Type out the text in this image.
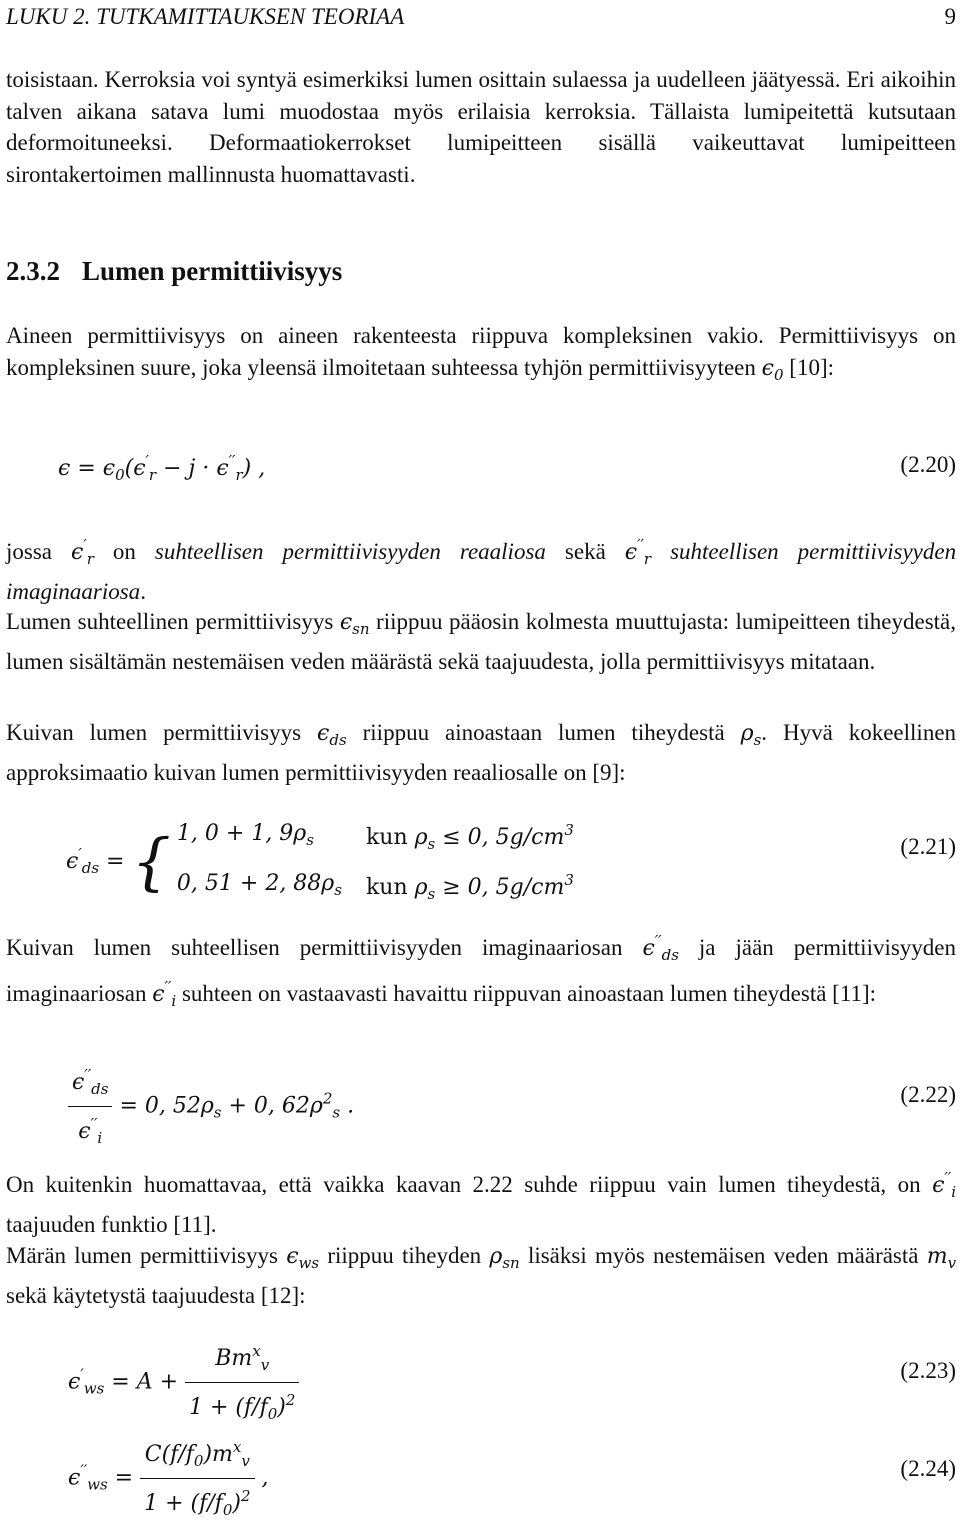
LUKU 2. TUTKAMITTAUKSEN TEORIAA	9
toisistaan. Kerroksia voi syntyä esimerkiksi lumen osittain sulaessa ja uudelleen jäätyessä. Eri aikoihin talven aikana satava lumi muodostaa myös erilaisia kerroksia. Tällaista lumipeitettä kutsutaan deformoituneeksi. Deformaatiokerrokset lumipeitteen sisällä vaikeuttavat lumipeitteen sirontakertoimen mallinnusta huomattavasti.
2.3.2 Lumen permittiivisyys
Aineen permittiivisyys on aineen rakenteesta riippuva kompleksinen vakio. Permittiivisyys on kompleksinen suure, joka yleensä ilmoitetaan suhteessa tyhjön permittiivisyyteen $\epsilon_0$ [10]:
$\epsilon = \epsilon_0(\epsilon'_r - j \cdot \epsilon''_r)$ ,	(2.20)
jossa $\epsilon'_r$ on suhteellisen permittiivisyyden reaaliosa sekä $\epsilon''_r$ suhteellisen permittiivisyyden imaginaariosa.
Lumen suhteellinen permittiivisyys $\epsilon_{sn}$ riippuu pääosin kolmesta muuttujasta: lumipeitteen tiheydestä, lumen sisältämän nestemäisen veden määrästä sekä taajuudesta, jolla permittiivisyys mitataan.
Kuivan lumen permittiivisyys $\epsilon_{ds}$ riippuu ainoastaan lumen tiheydestä $\rho_s$. Hyvä kokeellinen approksimaatio kuivan lumen permittiivisyyden reaaliosalle on [9]:
$\epsilon'_{ds}$ = { 1, 0 + 1, $9\rho_s$	kun $\rho_s \le 0$, $5g/cm^3$
0, 51 + 2, $88\rho_s$	kun $\rho_s \ge 0$, $5g/cm^3$
(2.21)
Kuivan lumen suhteellisen permittiivisyyden imaginaariosan $\epsilon''_{ds}$ ja jään permittiivisyyden imaginaariosan $\epsilon''_i$ suhteen on vastaavasti havaittu riippuvan ainoastaan lumen tiheydestä [11]:
$\frac{\epsilon''_{ds}}{\epsilon''_i} = 0$, $52\rho_s + 0$, $62\rho^2_s$ .	(2.22)
On kuitenkin huomattavaa, että vaikka kaavan 2.22 suhde riippuu vain lumen tiheydestä, on $\epsilon''_i$ taajuuden funktio [11].
Märän lumen permittiivisyys $\epsilon_{ws}$ riippuu tiheyden $\rho_{sn}$ lisäksi myös nestemäisen veden määrästä $m_v$ sekä käytetystä taajuudesta [12]:
$\epsilon'_{ws} = A + \frac{Bm^x_v}{1 + (f/f_0)^2}$	(2.23)
$\epsilon''_{ws} = \frac{C(f/f_0)m^x_v}{1 + (f/f_0)^2}$ ,	(2.24)
